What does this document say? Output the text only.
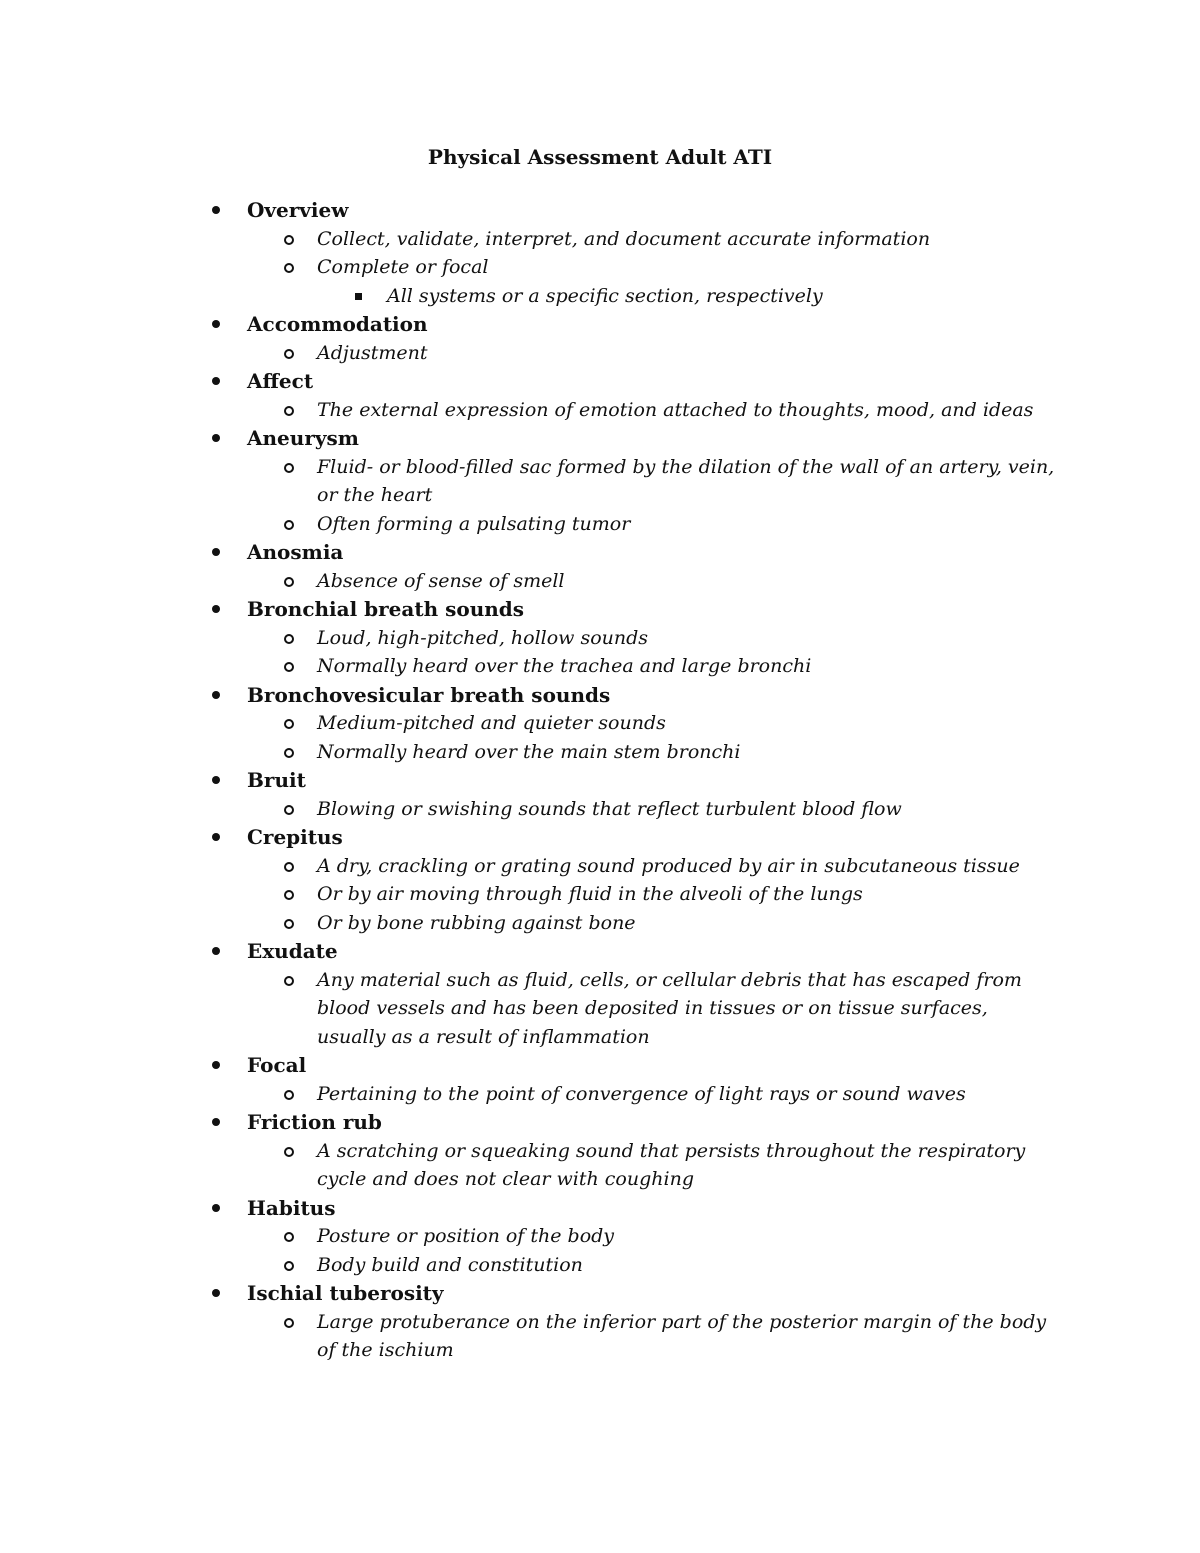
Physical Assessment Adult ATI
Overview
Collect, validate, interpret, and document accurate information
Complete or focal
All systems or a specific section, respectively
Accommodation
Adjustment
Affect
The external expression of emotion attached to thoughts, mood, and ideas
Aneurysm
Fluid- or blood-filled sac formed by the dilation of the wall of an artery, vein, or the heart
Often forming a pulsating tumor
Anosmia
Absence of sense of smell
Bronchial breath sounds
Loud, high-pitched, hollow sounds
Normally heard over the trachea and large bronchi
Bronchovesicular breath sounds
Medium-pitched and quieter sounds
Normally heard over the main stem bronchi
Bruit
Blowing or swishing sounds that reflect turbulent blood flow
Crepitus
A dry, crackling or grating sound produced by air in subcutaneous tissue
Or by air moving through fluid in the alveoli of the lungs
Or by bone rubbing against bone
Exudate
Any material such as fluid, cells, or cellular debris that has escaped from blood vessels and has been deposited in tissues or on tissue surfaces, usually as a result of inflammation
Focal
Pertaining to the point of convergence of light rays or sound waves
Friction rub
A scratching or squeaking sound that persists throughout the respiratory cycle and does not clear with coughing
Habitus
Posture or position of the body
Body build and constitution
Ischial tuberosity
Large protuberance on the inferior part of the posterior margin of the body of the ischium
